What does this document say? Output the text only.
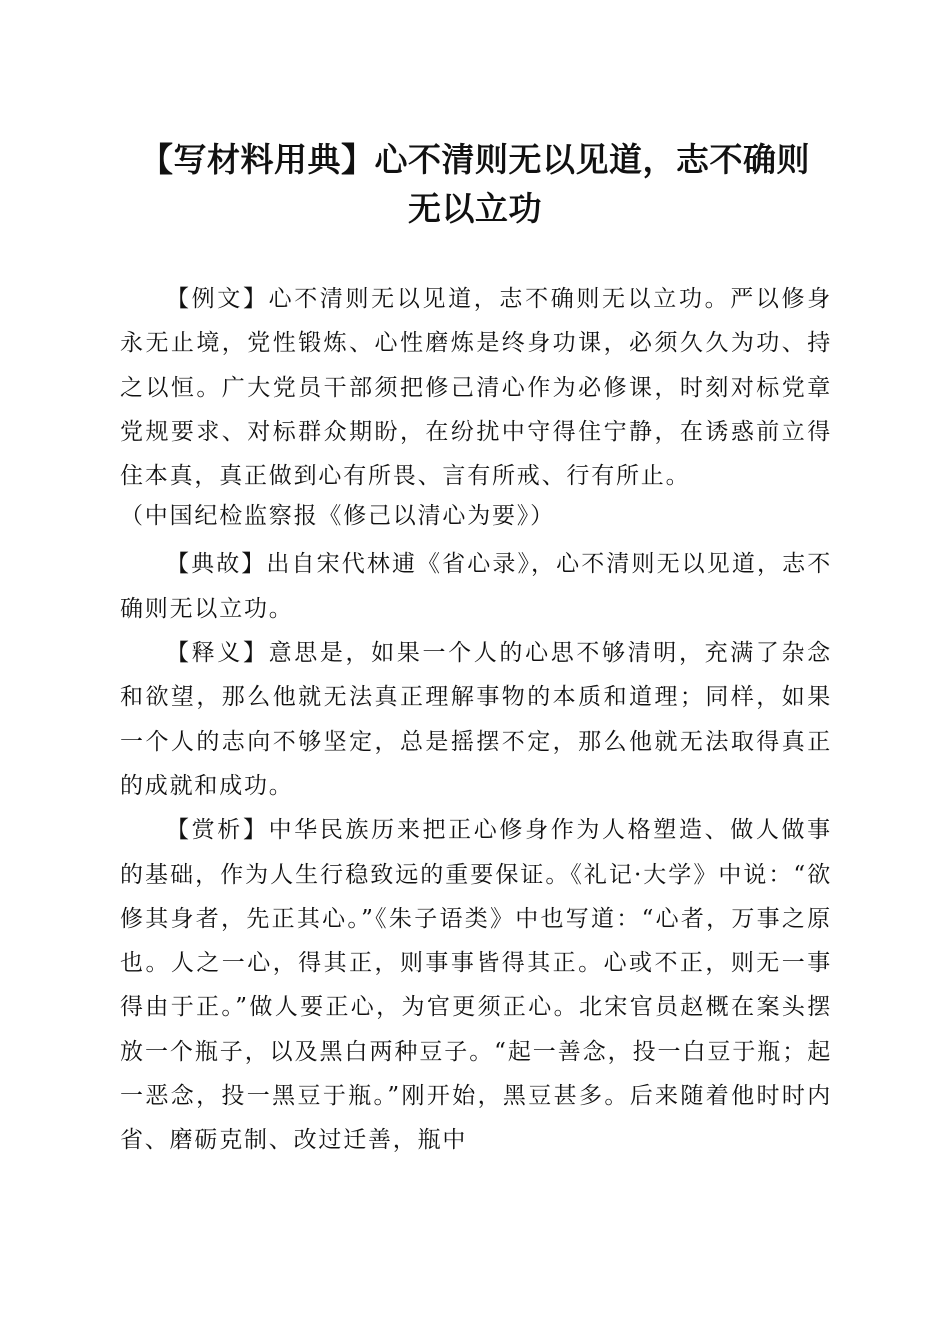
【写材料用典】心不清则无以见道，志不确则
无以立功

【例文】心不清则无以见道，志不确则无以立功。严以修身永无止境，党性锻炼、心性磨炼是终身功课，必须久久为功、持之以恒。广大党员干部须把修己清心作为必修课，时刻对标党章党规要求、对标群众期盼，在纷扰中守得住宁静，在诱惑前立得住本真，真正做到心有所畏、言有所戒、行有所止。

（中国纪检监察报《修己以清心为要》）

【典故】出自宋代林逋《省心录》，心不清则无以见道，志不确则无以立功。

【释义】意思是，如果一个人的心思不够清明，充满了杂念和欲望，那么他就无法真正理解事物的本质和道理；同样，如果一个人的志向不够坚定，总是摇摆不定，那么他就无法取得真正的成就和成功。

【赏析】中华民族历来把正心修身作为人格塑造、做人做事的基础，作为人生行稳致远的重要保证。《礼记·大学》中说：“欲修其身者，先正其心。”《朱子语类》中也写道：“心者，万事之原也。人之一心，得其正，则事事皆得其正。心或不正，则无一事得由于正。”做人要正心，为官更须正心。北宋官员赵概在案头摆放一个瓶子，以及黑白两种豆子。“起一善念，投一白豆于瓶；起一恶念，投一黑豆于瓶。”刚开始，黑豆甚多。后来随着他时时内省、磨砺克制、改过迁善，瓶中
